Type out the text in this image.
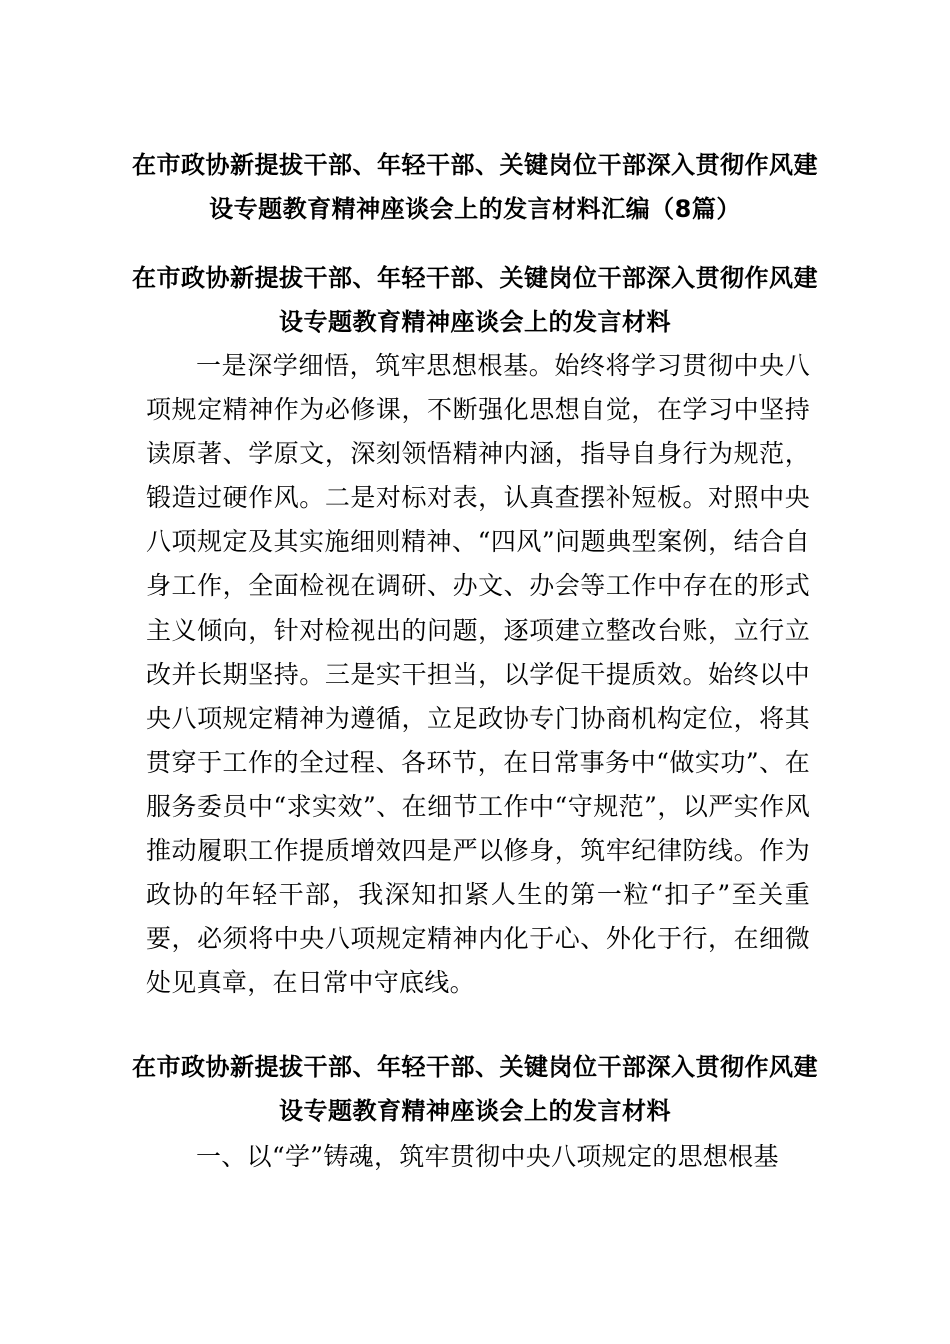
在市政协新提拔干部、年轻干部、关键岗位干部深入贯彻作风建设专题教育精神座谈会上的发言材料汇编（8篇）
在市政协新提拔干部、年轻干部、关键岗位干部深入贯彻作风建设专题教育精神座谈会上的发言材料
一是深学细悟，筑牢思想根基。始终将学习贯彻中央八项规定精神作为必修课，不断强化思想自觉，在学习中坚持读原著、学原文，深刻领悟精神内涵，指导自身行为规范，锻造过硬作风。二是对标对表，认真查摆补短板。对照中央八项规定及其实施细则精神、“四风”问题典型案例，结合自身工作，全面检视在调研、办文、办会等工作中存在的形式主义倾向，针对检视出的问题，逐项建立整改台账，立行立改并长期坚持。三是实干担当，以学促干提质效。始终以中央八项规定精神为遵循，立足政协专门协商机构定位，将其贯穿于工作的全过程、各环节，在日常事务中“做实功”、在服务委员中“求实效”、在细节工作中“守规范”，以严实作风推动履职工作提质增效四是严以修身，筑牢纪律防线。作为政协的年轻干部，我深知扣紧人生的第一粒“扣子”至关重要，必须将中央八项规定精神内化于心、外化于行，在细微处见真章，在日常中守底线。
在市政协新提拔干部、年轻干部、关键岗位干部深入贯彻作风建设专题教育精神座谈会上的发言材料
一、以“学”铸魂，筑牢贯彻中央八项规定的思想根基
